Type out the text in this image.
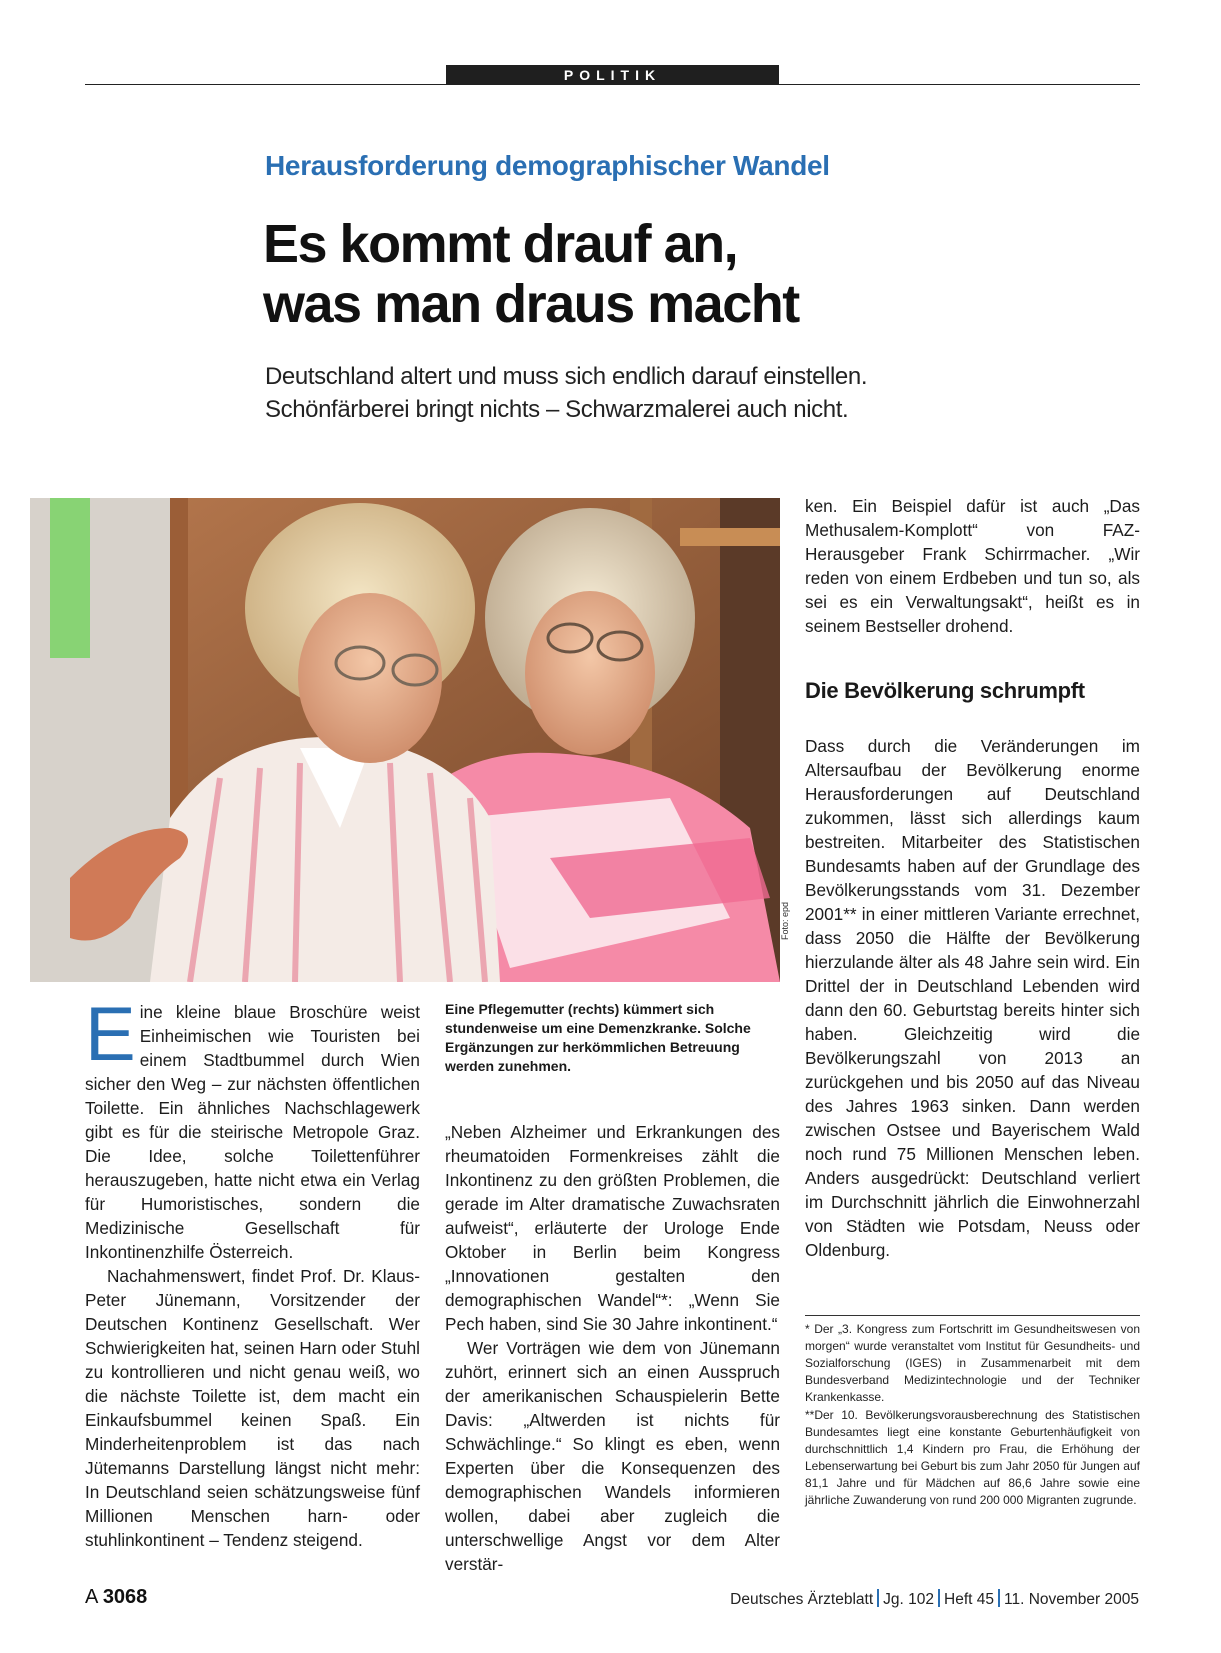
POLITIK
Herausforderung demographischer Wandel
Es kommt drauf an,
was man draus macht
Deutschland altert und muss sich endlich darauf einstellen.
Schönfärberei bringt nichts – Schwarzmalerei auch nicht.
Foto: epd

Eine kleine blaue Broschüre weist Einheimischen wie Touristen bei einem Stadtbummel durch Wien sicher den Weg – zur nächsten öffentlichen Toilette. Ein ähnliches Nachschlagewerk gibt es für die steirische Metropole Graz. Die Idee, solche Toilettenführer herauszugeben, hatte nicht etwa ein Verlag für Humoristisches, sondern die Medizinische Gesellschaft für Inkontinenzhilfe Österreich.

Nachahmenswert, findet Prof. Dr. Klaus-Peter Jünemann, Vorsitzender der Deutschen Kontinenz Gesellschaft. Wer Schwierigkeiten hat, seinen Harn oder Stuhl zu kontrollieren und nicht genau weiß, wo die nächste Toilette ist, dem macht ein Einkaufsbummel keinen Spaß. Ein Minderheitenproblem ist das nach Jütemanns Darstellung längst nicht mehr: In Deutschland seien schätzungsweise fünf Millionen Menschen harn- oder stuhlinkontinent – Tendenz steigend.

Eine Pflegemutter (rechts) kümmert sich stundenweise um eine Demenzkranke. Solche Ergänzungen zur herkömmlichen Betreuung werden zunehmen.

„Neben Alzheimer und Erkrankungen des rheumatoiden Formenkreises zählt die Inkontinenz zu den größten Problemen, die gerade im Alter dramatische Zuwachsraten aufweist“, erläuterte der Urologe Ende Oktober in Berlin beim Kongress „Innovationen gestalten den demographischen Wandel“*: „Wenn Sie Pech haben, sind Sie 30 Jahre inkontinent.“

Wer Vorträgen wie dem von Jünemann zuhört, erinnert sich an einen Ausspruch der amerikanischen Schauspielerin Bette Davis: „Altwerden ist nichts für Schwächlinge.“ So klingt es eben, wenn Experten über die Konsequenzen des demographischen Wandels informieren wollen, dabei aber zugleich die unterschwellige Angst vor dem Alter verstär-

ken. Ein Beispiel dafür ist auch „Das Methusalem-Komplott“ von FAZ-Herausgeber Frank Schirrmacher. „Wir reden von einem Erdbeben und tun so, als sei es ein Verwaltungsakt“, heißt es in seinem Bestseller drohend.

Die Bevölkerung schrumpft

Dass durch die Veränderungen im Altersaufbau der Bevölkerung enorme Herausforderungen auf Deutschland zukommen, lässt sich allerdings kaum bestreiten. Mitarbeiter des Statistischen Bundesamts haben auf der Grundlage des Bevölkerungsstands vom 31. Dezember 2001** in einer mittleren Variante errechnet, dass 2050 die Hälfte der Bevölkerung hierzulande älter als 48 Jahre sein wird. Ein Drittel der in Deutschland Lebenden wird dann den 60. Geburtstag bereits hinter sich haben. Gleichzeitig wird die Bevölkerungszahl von 2013 an zurückgehen und bis 2050 auf das Niveau des Jahres 1963 sinken. Dann werden zwischen Ostsee und Bayerischem Wald noch rund 75 Millionen Menschen leben. Anders ausgedrückt: Deutschland verliert im Durchschnitt jährlich die Einwohnerzahl von Städten wie Potsdam, Neuss oder Oldenburg.

* Der „3. Kongress zum Fortschritt im Gesundheitswesen von morgen“ wurde veranstaltet vom Institut für Gesundheits- und Sozialforschung (IGES) in Zusammenarbeit mit dem Bundesverband Medizintechnologie und der Techniker Krankenkasse.

**Der 10. Bevölkerungsvorausberechnung des Statistischen Bundesamtes liegt eine konstante Geburtenhäufigkeit von durchschnittlich 1,4 Kindern pro Frau, die Erhöhung der Lebenserwartung bei Geburt bis zum Jahr 2050 für Jungen auf 81,1 Jahre und für Mädchen auf 86,6 Jahre sowie eine jährliche Zuwanderung von rund 200 000 Migranten zugrunde.

A 3068	Deutsches Ärzteblatt Jg. 102 Heft 45 11. November 2005
